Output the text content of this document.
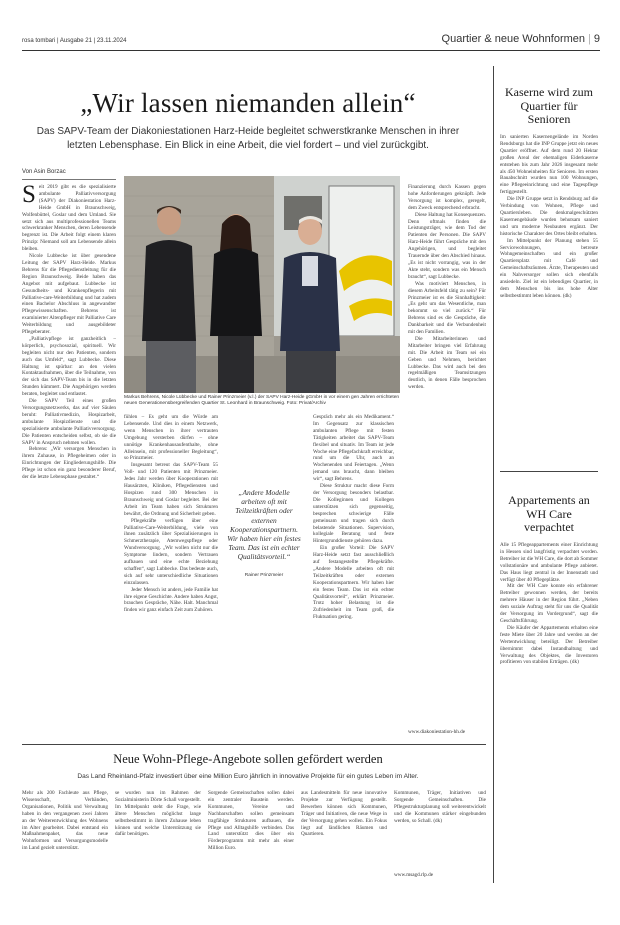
rosa tombari | Ausgabe 21 | 23.11.2024	Quartier & neue Wohnformen | 9
„Wir lassen niemanden allein“
Das SAPV-Team der Diakoniestationen Harz-Heide begleitet schwerstkranke Menschen in ihrer letzten Lebensphase. Ein Blick in eine Arbeit, die viel fordert – und viel zurückgibt.
Von Asin Borzac

Seit 2019 gibt es die spezialisierte ambulante Palliativversorgung (SAPV) der Diakoniestation Harz-Heide GmbH in Braunschweig, Wolfenbüttel, Goslar und dem Umland. Sie setzt sich aus multiprofessionellen Teams schwerkranker Menschen, deren Lebensende begrenzt ist. Die Arbeit folgt einem klaren Prinzip: Niemand soll am Lebensende allein bleiben.

Nicole Lubbecke ist über gesendene Leitung der SAPV Harz-Heide. Markus Behrens für die Pflegedienstleitung für die Region Braunschweig. Beide haben das Angebot mit aufgebaut. Lubbecke ist Gesundheits- und Krankenpflegerin mit Palliative-care-Weiterbildung und hat zudem einen Bachelor Abschluss in angewandter Pflegewissenschaften. Behrens ist examinierter Altenpfleger mit Palliative Care Weiterbildung und ausgebildeter Pflegeberater.

„Palliativpflege ist ganzheitlich – körperlich, psychosozial, spirituell. Wir begleiten nicht nur den Patienten, sondern auch das Umfeld“, sagt Lubbecke. Diese Haltung ist spürbar: an den vielen Kontaktaufnahmen, über die Teilnahme, von der sich das SAPV-Team bis in die letzten Stunden kümmert. Die Angehörigen werden beraten, begleitet und entlastet.

Die SAPV Teil eines großen Versorgungsnetzwerks, das auf vier Säulen beruht: Palliativmedizin, Hospizarbeit, ambulante Hospizdienste und die spezialisierte ambulante Palliativversorgung. Die Patienten entscheiden selbst, ob sie die SAPV in Anspruch nehmen wollen.

Behrens: „Wir versorgen Menschen in ihrem Zuhause, in Pflegeheimen oder in Einrichtungen der Eingliederungshilfe. Die Pflege ist schon ein ganz besonderer Beruf, der die letzte Lebensphase gestaltet.“

Markus Behrens, Nicole Lübbecke und Rainer Prinzmeier (v.l.) der SAPV Harz-Heide gGmbH in vor einem gen Jahren errichteten neuen Generationenübergreifenden Quartier St. Leonhard in Braunschweig. Foto: Privat/Archiv

fühlen – Es geht um die Würde am Lebensende. Und dies in einem Netzwerk, wenn Menschen in ihrer vertrauten Umgebung versterben dürfen – ohne unnötige Krankenhausaufenthalte, ohne Alleinsein, mit professioneller Begleitung“, so Prinzmeier.

Insgesamt betreut das SAPV-Team 55 Voll- und 120 Patienten mit Prinzmeier. Jedes Jahr werden über Kooperationen mit Hausärzten, Kliniken, Pflegediensten und Hospizen rund 300 Menschen in Braunschweig und Goslar begleitet. Bei der Arbeit im Team haben sich Strukturen bewährt, die Ordnung und Sicherheit geben.

Pflegekräfte verfügen über eine Palliative-Care-Weiterbildung, viele von ihnen zusätzlich über Spezialisierungen in Schmerztherapie, Atemwegspflege oder Wundversorgung. „Wir wollen nicht nur die Symptome lindern, sondern Vertrauen aufbauen und eine echte Beziehung schaffen“, sagt Lubbecke. Das bedeute auch, sich auf sehr unterschiedliche Situationen einzulassen.

Jeder Mensch ist anders, jede Familie hat ihre eigene Geschichte. Andere haben Angst, brauchen Gespräche, Nähe. Halt. Manchmal finden wir ganz einfach Zeit zum Zuhören.

„Andere Modelle arbeiten oft mit Teilzeitkräften oder externen Kooperationspartnern. Wir haben hier ein festes Team. Das ist ein echter Qualitätsvorteil.“
Rainer Prinzmeier

Gespräch mehr als ein Medikament.“ Im Gegensatz zur klassischen ambulanten Pflege mit festen Tätigkeiten arbeitet das SAPV-Team flexibel und situativ. Im Team ist jede Woche eine Pflegefachkraft erreichbar, rund um die Uhr, auch an Wochenenden und Feiertagen. „Wenn jemand uns braucht, dann bleiben wir“, sagt Behrens.

Diese Struktur macht diese Form der Versorgung besonders belastbar. Die Kolleginnen und Kollegen unterstützen sich gegenseitig, besprechen schwierige Fälle gemeinsam und tragen sich durch belastende Situationen. Supervision, kollegiale Beratung und feste Hintergrunddienste gehören dazu.

Ein großer Vorteil: Die SAPV Harz-Heide setzt fast ausschließlich auf festangestellte Pflegekräfte. „Andere Modelle arbeiten oft mit Teilzeitkräften oder externen Kooperationspartnern. Wir haben hier ein festes Team. Das ist ein echter Qualitätsvorteil“, erklärt Prinzmeier. Trotz hoher Belastung ist die Zufriedenheit im Team groß, die Fluktuation gering.

Finanzierung durch Kassen gegen hohe Anforderungen geknüpft. Jede Versorgung ist komplex, geregelt, dem Zweck entsprechend erbracht.

Diese Haltung hat Konsequenzen. Denn oftmals finden die Leistungsträger, wie dem Tod der Patienten der Personen. Die SAPV Harz-Heide führt Gespräche mit den Angehörigen, und begleitet Trauernde über den Abschied hinaus. „Es ist nicht vorrangig, was in der Akte steht, sondern was ein Mensch braucht“, sagt Lubbecke.

Was motiviert Menschen, in diesem Arbeitsfeld tätig zu sein? Für Prinzmeier ist es die Sinnhaftigkeit: „Es geht um das Wesentliche, man bekommt so viel zurück.“ Für Behrens sind es die Gespräche, die Dankbarkeit und die Verbundenheit mit den Familien.

Die Mitarbeiterinnen und Mitarbeiter bringen viel Erfahrung mit. Die Arbeit im Team sei ein Geben und Nehmen, berichtet Lubbecke. Das wird auch bei den regelmäßigen Teamsitzungen deutlich, in denen Fälle besprochen werden.

www.diakoniestation-hh.de
Kaserne wird zum Quartier für Senioren

Im sanierten Kasernengelände im Norden Rendsburgs hat die INP Gruppe jetzt ein neues Quartier eröffnet. Auf dem rund 20 Hektar großen Areal der ehemaligen Eiderkaserne entstehen bis zum Jahr 2026 insgesamt mehr als 450 Wohneinheiten für Senioren. Im ersten Bauabschnitt wurden nun 100 Wohnungen, eine Pflegeeinrichtung und eine Tagespflege fertiggestellt.

Die INP Gruppe setzt in Rendsburg auf die Verbindung von Wohnen, Pflege und Quartiersleben. Die denkmalgeschützten Kasernengebäude wurden behutsam saniert und um moderne Neubauten ergänzt. Der historische Charakter des Ortes bleibt erhalten.

Im Mittelpunkt der Planung stehen 55 Servicewohnungen, betreute Wohngemeinschaften und ein großer Quartiersplatz mit Café und Gemeinschaftsräumen. Ärzte, Therapeuten und ein Nahversorger sollen sich ebenfalls ansiedeln. Ziel ist ein lebendiges Quartier, in dem Menschen bis ins hohe Alter selbstbestimmt leben können. (dk)

Appartements an WH Care verpachtet

Alle 15 Pflegeappartements einer Einrichtung in Hessen sind langfristig verpachtet worden. Betreiber ist die WH Care, die dort ab Sommer vollstationäre und ambulante Pflege anbietet. Das Haus liegt zentral in der Innenstadt und verfügt über 40 Pflegeplätze.

Mit der WH Care konnte ein erfahrener Betreiber gewonnen werden, der bereits mehrere Häuser in der Region führt. „Neben dem soziale Auftrag steht für uns die Qualität der Versorgung im Vordergrund“, sagt die Geschäftsführung.

Die Käufer der Appartements erhalten eine feste Miete über 20 Jahre und werden an der Wertentwicklung beteiligt. Der Betreiber übernimmt dabei Instandhaltung und Verwaltung des Objektes, die Investoren profitieren von stabilen Erträgen. (dk)

Neue Wohn-Pflege-Angebote sollen gefördert werden
Das Land Rheinland-Pfalz investiert über eine Million Euro jährlich in innovative Projekte für ein gutes Leben im Alter.

Mehr als 200 Fachleute aus Pflege, Wissenschaft, Verbänden, Organisationen, Politik und Verwaltung haben in den vergangenen zwei Jahren an der Weiterentwicklung des Wohnens im Alter gearbeitet. Dabei entstand ein Maßnahmenpaket, das neue Wohnformen und Versorgungsmodelle im Land gezielt unterstützt.

se wurden nun im Rahmen der Sozialministerin Dörte Schall vorgestellt. Im Mittelpunkt steht die Frage, wie ältere Menschen möglichst lange selbstbestimmt in ihrem Zuhause leben können und welche Unterstützung sie dafür benötigen.

Sorgende Gemeinschaften sollen dabei ein zentraler Baustein werden. Kommunen, Vereine und Nachbarschaften sollen gemeinsam tragfähige Strukturen aufbauen, die Pflege und Alltagshilfe verbinden. Das Land unterstützt dies über ein Förderprogramm mit mehr als einer Million Euro.

aus Landesmitteln für neue innovative Projekte zur Verfügung gestellt. Bewerben können sich Kommunen, Träger und Initiativen, die neue Wege in der Versorgung gehen wollen. Ein Fokus liegt auf ländlichen Räumen und Quartieren.

Kommunen, Träger, Initiativen und Sorgende Gemeinschaften. Die Pflegestrukturplanung soll weiterentwickelt und die Kommunen stärker eingebunden werden, so Schall. (dk)

www.msagd.rlp.de
